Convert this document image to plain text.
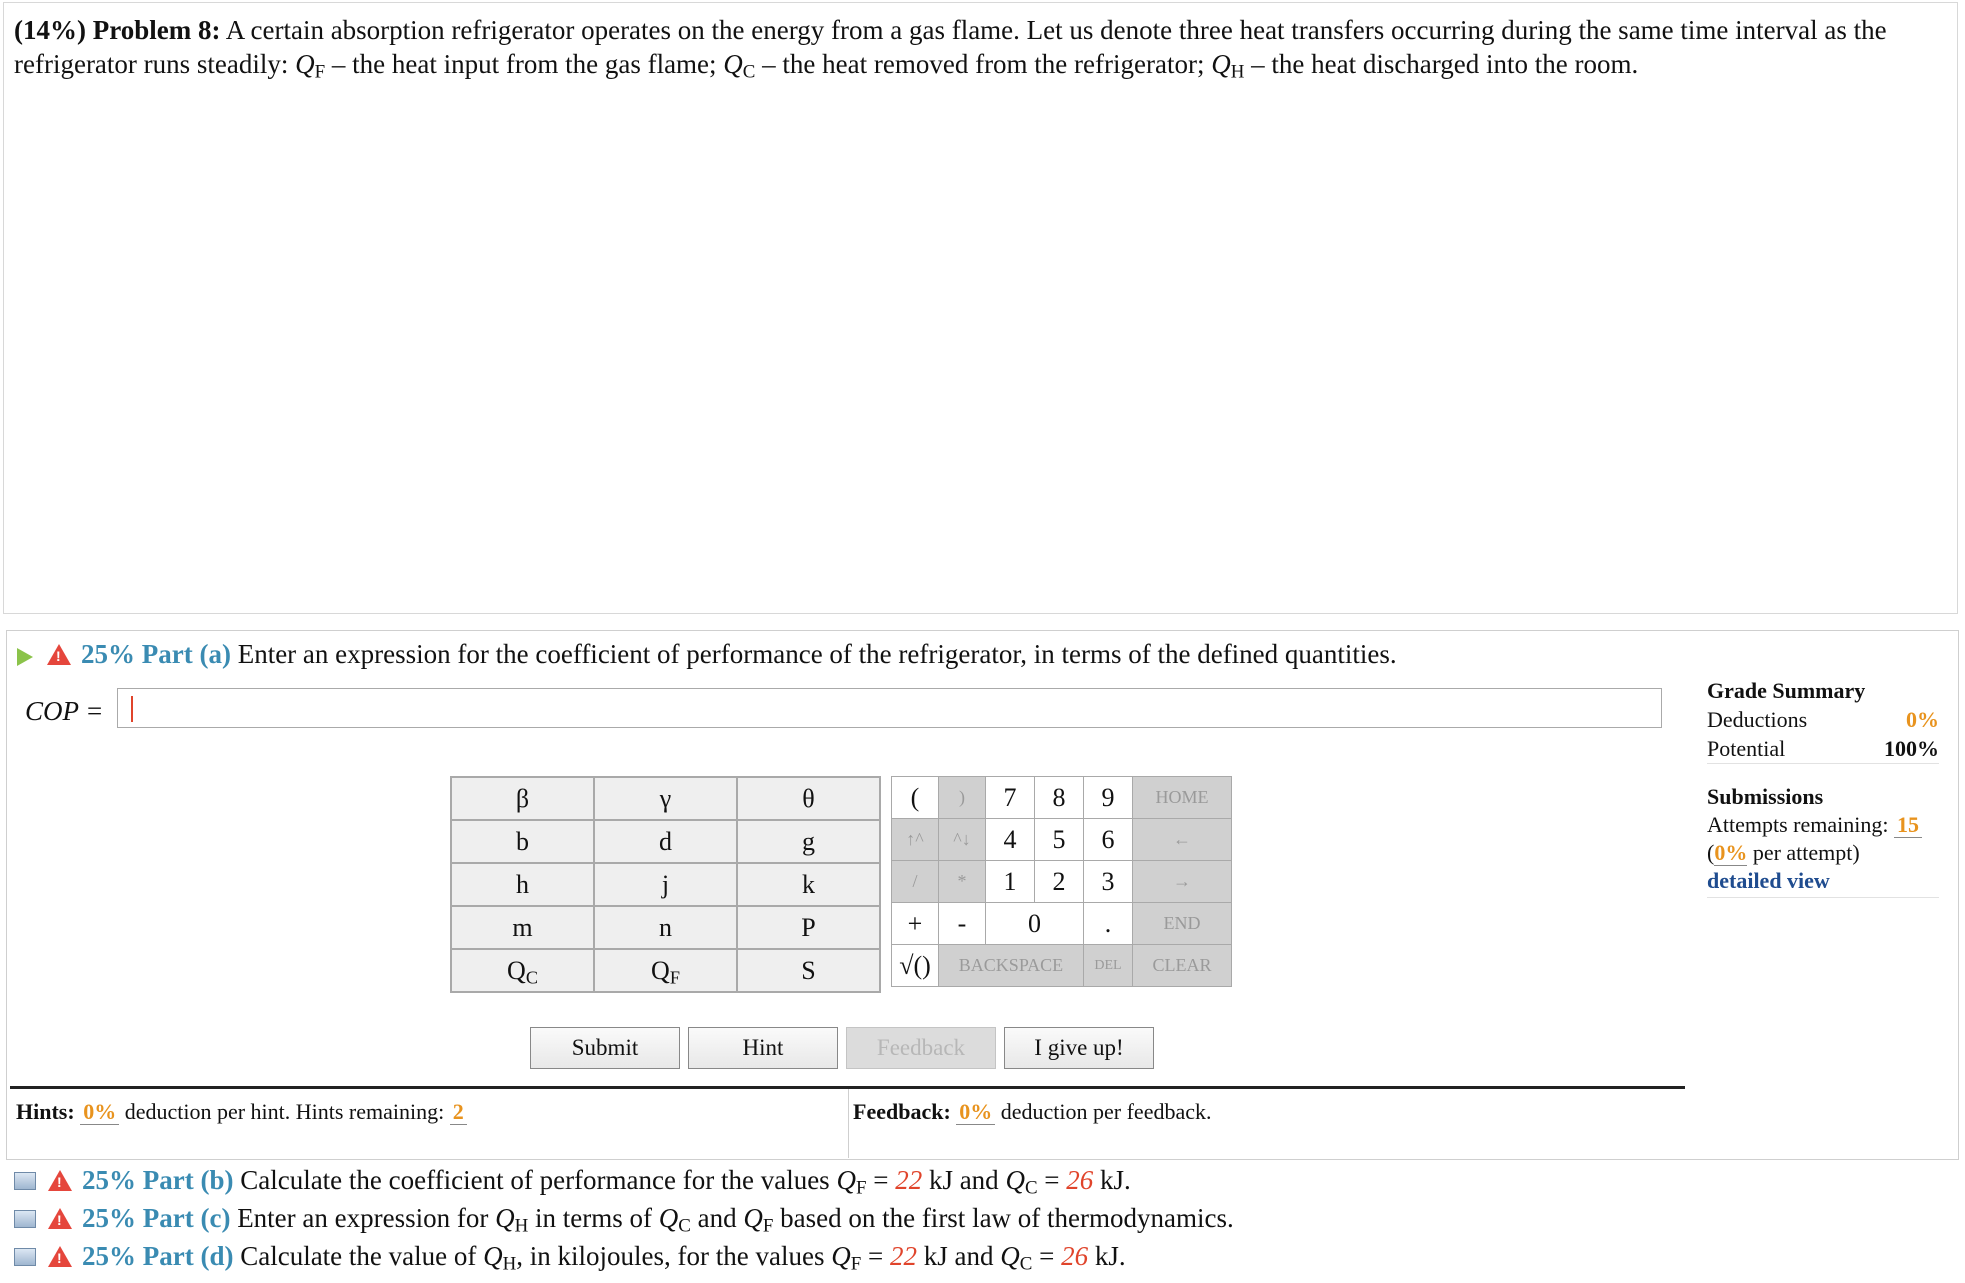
(14%) Problem 8: A certain absorption refrigerator operates on the energy from a gas flame. Let us denote three heat transfers occurring during the same time interval as the refrigerator runs steadily: $Q_F$ – the heat input from the gas flame; $Q_C$ – the heat removed from the refrigerator; $Q_H$ – the heat discharged into the room.
!25% Part (a) Enter an expression for the coefficient of performance of the refrigerator, in terms of the defined quantities.
COP =
β	γ	θ
b	d	g
h	j	k
m	n	P
$Q_C$	$Q_F$	S
(	)	7	8	9	HOME
↑^	^↓	4	5	6	←
/	*	1	2	3	→
+	-	0		.	END
√()	BACKSPACE			DEL	CLEAR
Submit	Hint	Feedback	I give up!
Hints: 0% deduction per hint. Hints remaining: 2	Feedback: 0% deduction per feedback.
Grade Summary
Deductions	0%
Potential	100%
Submissions
Attempts remaining: 15
(0% per attempt)
detailed view
!25% Part (b) Calculate the coefficient of performance for the values $Q_F = 22$ kJ and $Q_C = 26$ kJ.
!25% Part (c) Enter an expression for $Q_H$ in terms of $Q_C$ and $Q_F$ based on the first law of thermodynamics.
!25% Part (d) Calculate the value of $Q_H$, in kilojoules, for the values $Q_F = 22$ kJ and $Q_C = 26$ kJ.
